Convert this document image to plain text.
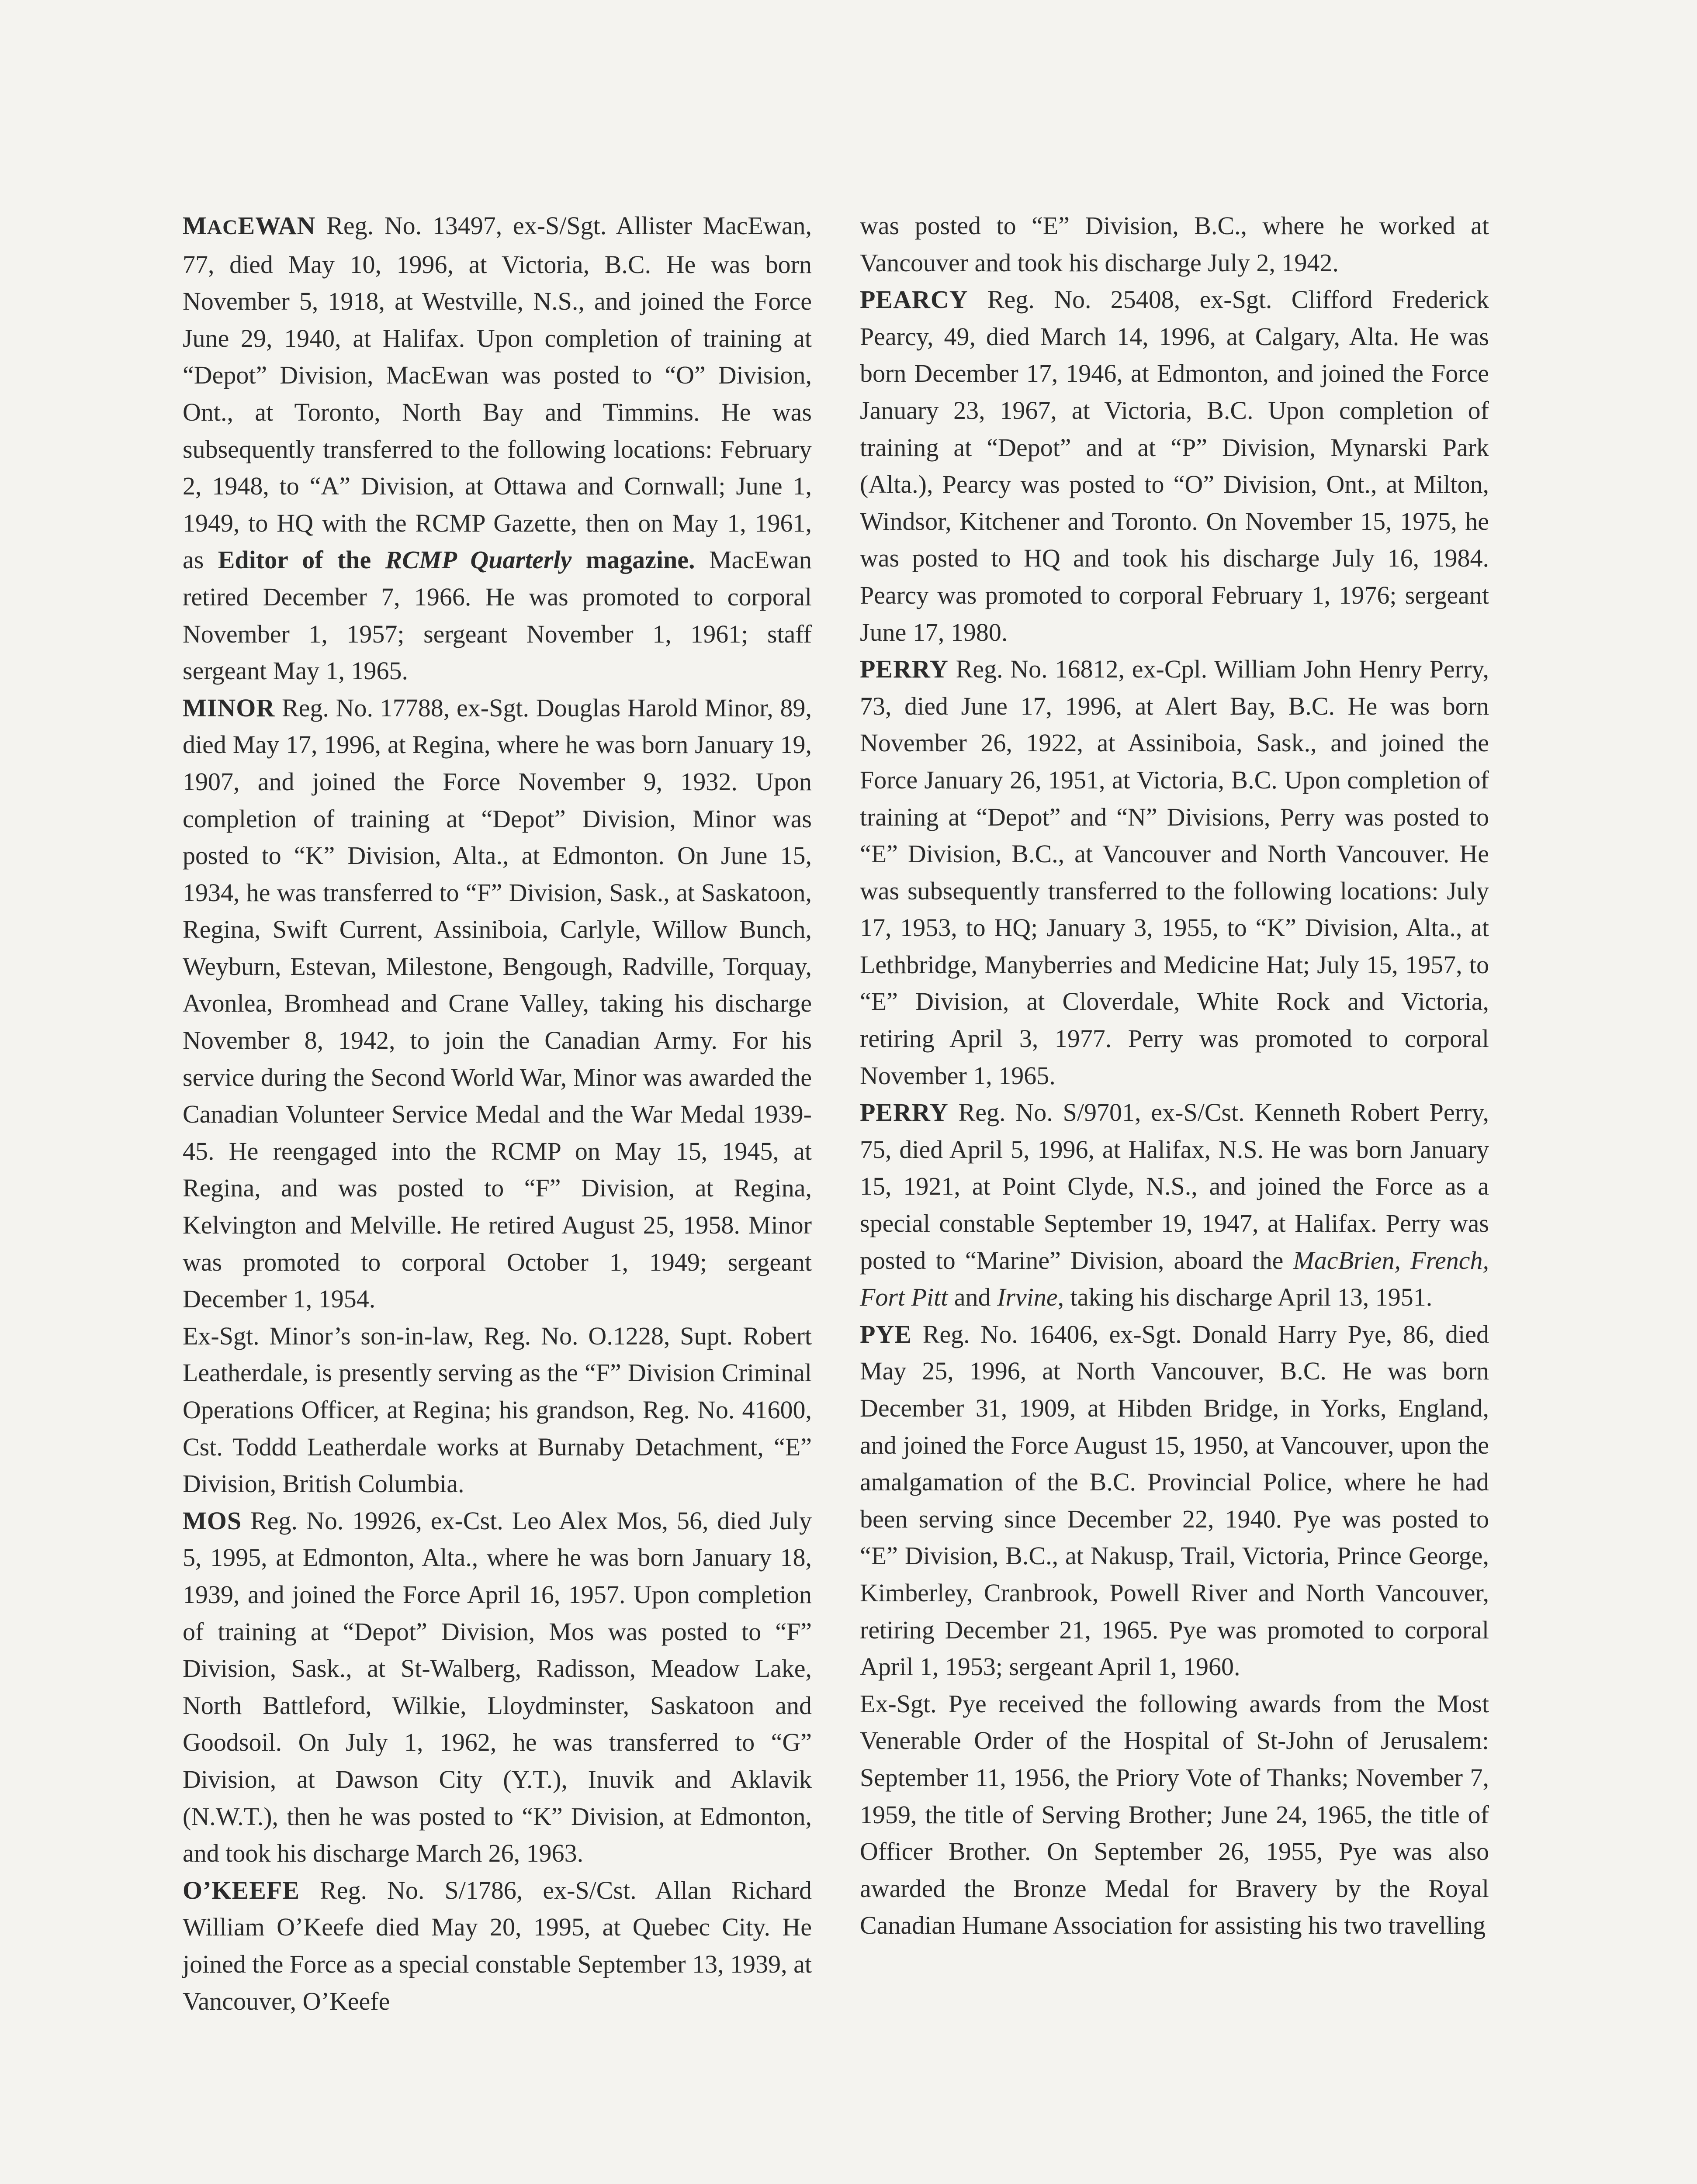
MACEWAN Reg. No. 13497, ex-S/Sgt. Allister MacEwan, 77, died May 10, 1996, at Victoria, B.C. He was born November 5, 1918, at Westville, N.S., and joined the Force June 29, 1940, at Halifax. Upon completion of training at “Depot” Division, MacEwan was posted to “O” Division, Ont., at Toronto, North Bay and Timmins. He was subsequently transferred to the following locations: February 2, 1948, to “A” Division, at Ottawa and Cornwall; June 1, 1949, to HQ with the RCMP Gazette, then on May 1, 1961, as Editor of the RCMP Quarterly magazine. MacEwan retired December 7, 1966. He was promoted to corporal November 1, 1957; sergeant November 1, 1961; staff sergeant May 1, 1965.

MINOR Reg. No. 17788, ex-Sgt. Douglas Harold Minor, 89, died May 17, 1996, at Regina, where he was born January 19, 1907, and joined the Force November 9, 1932. Upon completion of training at “Depot” Division, Minor was posted to “K” Division, Alta., at Edmonton. On June 15, 1934, he was transferred to “F” Division, Sask., at Saskatoon, Regina, Swift Current, Assiniboia, Carlyle, Willow Bunch, Weyburn, Estevan, Milestone, Bengough, Radville, Torquay, Avonlea, Bromhead and Crane Valley, taking his discharge November 8, 1942, to join the Canadian Army. For his service during the Second World War, Minor was awarded the Canadian Volunteer Service Medal and the War Medal 1939-45. He reengaged into the RCMP on May 15, 1945, at Regina, and was posted to “F” Division, at Regina, Kelvington and Melville. He retired August 25, 1958. Minor was promoted to corporal October 1, 1949; sergeant December 1, 1954.

Ex-Sgt. Minor’s son-in-law, Reg. No. O.1228, Supt. Robert Leatherdale, is presently serving as the “F” Division Criminal Operations Officer, at Regina; his grandson, Reg. No. 41600, Cst. Toddd Leatherdale works at Burnaby Detachment, “E” Division, British Columbia.

MOS Reg. No. 19926, ex-Cst. Leo Alex Mos, 56, died July 5, 1995, at Edmonton, Alta., where he was born January 18, 1939, and joined the Force April 16, 1957. Upon completion of training at “Depot” Division, Mos was posted to “F” Division, Sask., at St-Walberg, Radisson, Meadow Lake, North Battleford, Wilkie, Lloydminster, Saskatoon and Goodsoil. On July 1, 1962, he was transferred to “G” Division, at Dawson City (Y.T.), Inuvik and Aklavik (N.W.T.), then he was posted to “K” Division, at Edmonton, and took his discharge March 26, 1963.

O’KEEFE Reg. No. S/1786, ex-S/Cst. Allan Richard William O’Keefe died May 20, 1995, at Quebec City. He joined the Force as a special constable September 13, 1939, at Vancouver, O’Keefe

was posted to “E” Division, B.C., where he worked at Vancouver and took his discharge July 2, 1942.

PEARCY Reg. No. 25408, ex-Sgt. Clifford Frederick Pearcy, 49, died March 14, 1996, at Calgary, Alta. He was born December 17, 1946, at Edmonton, and joined the Force January 23, 1967, at Victoria, B.C. Upon completion of training at “Depot” and at “P” Division, Mynarski Park (Alta.), Pearcy was posted to “O” Division, Ont., at Milton, Windsor, Kitchener and Toronto. On November 15, 1975, he was posted to HQ and took his discharge July 16, 1984. Pearcy was promoted to corporal February 1, 1976; sergeant June 17, 1980.

PERRY Reg. No. 16812, ex-Cpl. William John Henry Perry, 73, died June 17, 1996, at Alert Bay, B.C. He was born November 26, 1922, at Assiniboia, Sask., and joined the Force January 26, 1951, at Victoria, B.C. Upon completion of training at “Depot” and “N” Divisions, Perry was posted to “E” Division, B.C., at Vancouver and North Vancouver. He was subsequently transferred to the following locations: July 17, 1953, to HQ; January 3, 1955, to “K” Division, Alta., at Lethbridge, Manyberries and Medicine Hat; July 15, 1957, to “E” Division, at Cloverdale, White Rock and Victoria, retiring April 3, 1977. Perry was promoted to corporal November 1, 1965.

PERRY Reg. No. S/9701, ex-S/Cst. Kenneth Robert Perry, 75, died April 5, 1996, at Halifax, N.S. He was born January 15, 1921, at Point Clyde, N.S., and joined the Force as a special constable September 19, 1947, at Halifax. Perry was posted to “Marine” Division, aboard the MacBrien, French, Fort Pitt and Irvine, taking his discharge April 13, 1951.

PYE Reg. No. 16406, ex-Sgt. Donald Harry Pye, 86, died May 25, 1996, at North Vancouver, B.C. He was born December 31, 1909, at Hibden Bridge, in Yorks, England, and joined the Force August 15, 1950, at Vancouver, upon the amalgamation of the B.C. Provincial Police, where he had been serving since December 22, 1940. Pye was posted to “E” Division, B.C., at Nakusp, Trail, Victoria, Prince George, Kimberley, Cranbrook, Powell River and North Vancouver, retiring December 21, 1965. Pye was promoted to corporal April 1, 1953; sergeant April 1, 1960.

Ex-Sgt. Pye received the following awards from the Most Venerable Order of the Hospital of St-John of Jerusalem: September 11, 1956, the Priory Vote of Thanks; November 7, 1959, the title of Serving Brother; June 24, 1965, the title of Officer Brother. On September 26, 1955, Pye was also awarded the Bronze Medal for Bravery by the Royal Canadian Humane Association for assisting his two travelling
